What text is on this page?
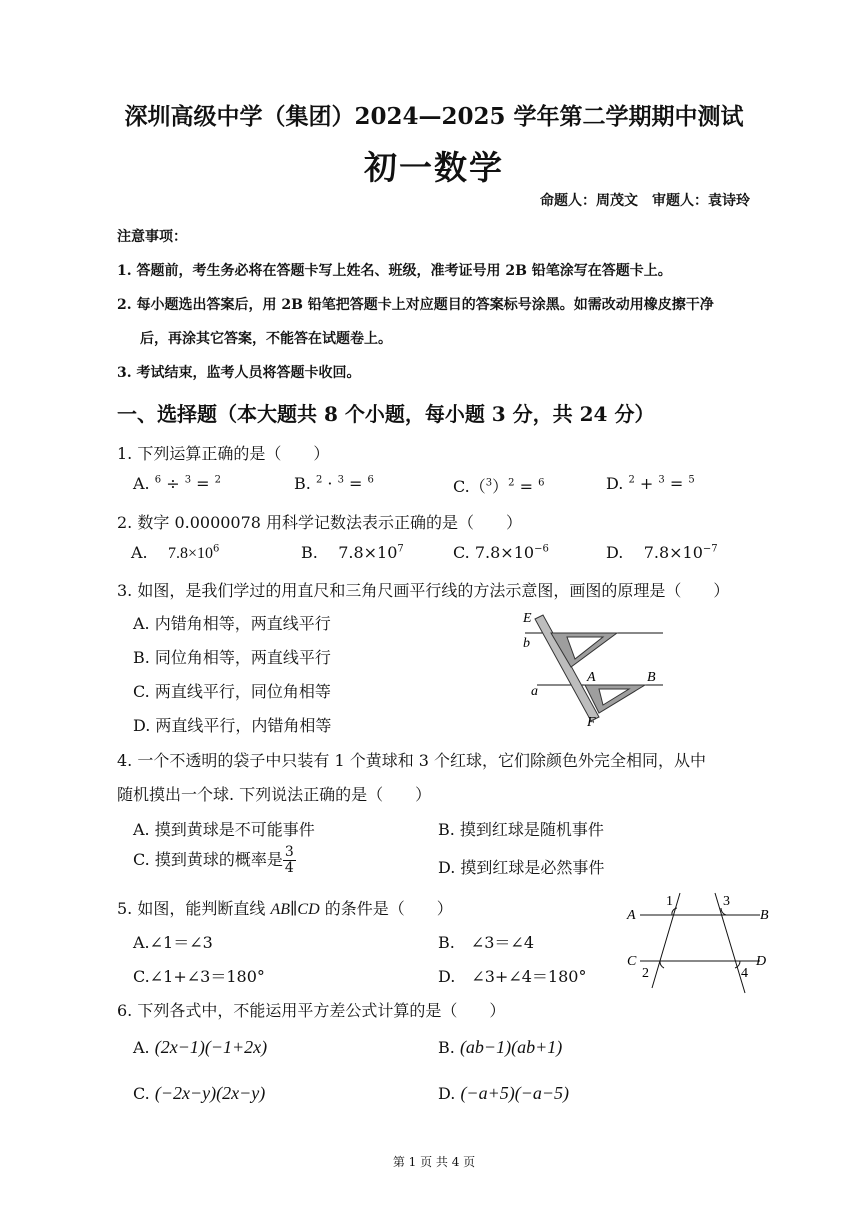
深圳高级中学（集团）2024—2025 学年第二学期期中测试
初一数学
命题人：周茂文　审题人：袁诗玲
注意事项：
1. 答题前，考生务必将在答题卡写上姓名、班级，准考证号用 2B 铅笔涂写在答题卡上。
2. 每小题选出答案后，用 2B 铅笔把答题卡上对应题目的答案标号涂黑。如需改动用橡皮擦干净
后，再涂其它答案，不能答在试题卷上。
3. 考试结束，监考人员将答题卡收回。
一、选择题（本大题共 8 个小题，每小题 3 分，共 24 分）
1. 下列运算正确的是（　　）
A. $^6$ ÷ $^3$ = $^2$	B. $^2$ · $^3$ = $^6$	$C.(^3)^2 = ^6$	D. $^2$ + $^3$ = $^5$
2. 数字 0.0000078 用科学记数法表示正确的是（　　）
A. $7.8\times 10^6$	B. $7.8\times 10^7$	C. $7.8\times 10^{-6}$	D. $7.8\times 10^{-7}$
3. 如图，是我们学过的用直尺和三角尺画平行线的方法示意图，画图的原理是（　　）
A. 内错角相等，两直线平行
B. 同位角相等，两直线平行
C. 两直线平行，同位角相等
D. 两直线平行，内错角相等
E
b
A	B
a
F
4. 一个不透明的袋子中只装有 1 个黄球和 3 个红球，它们除颜色外完全相同，从中
随机摸出一个球. 下列说法正确的是（　　）
A. 摸到黄球是不可能事件	B. 摸到红球是随机事件
C. 摸到黄球的概率是 $\frac{3}{4}$	D. 摸到红球是必然事件
5. 如图，能判断直线 AB∥CD 的条件是（　　）
A.∠1＝∠3	B.　∠3＝∠4
C.∠1+∠3＝180°	D.　∠3+∠4＝180°
1	3
A	B
C	D
2	4
6. 下列各式中，不能运用平方差公式计算的是（　　）
A. (2x−1)(−1+2x)	B. (ab−1)(ab+1)
C. (−2x−y)(2x−y)	D. (−a+5)(−a−5)
第 1 页 共 4 页
